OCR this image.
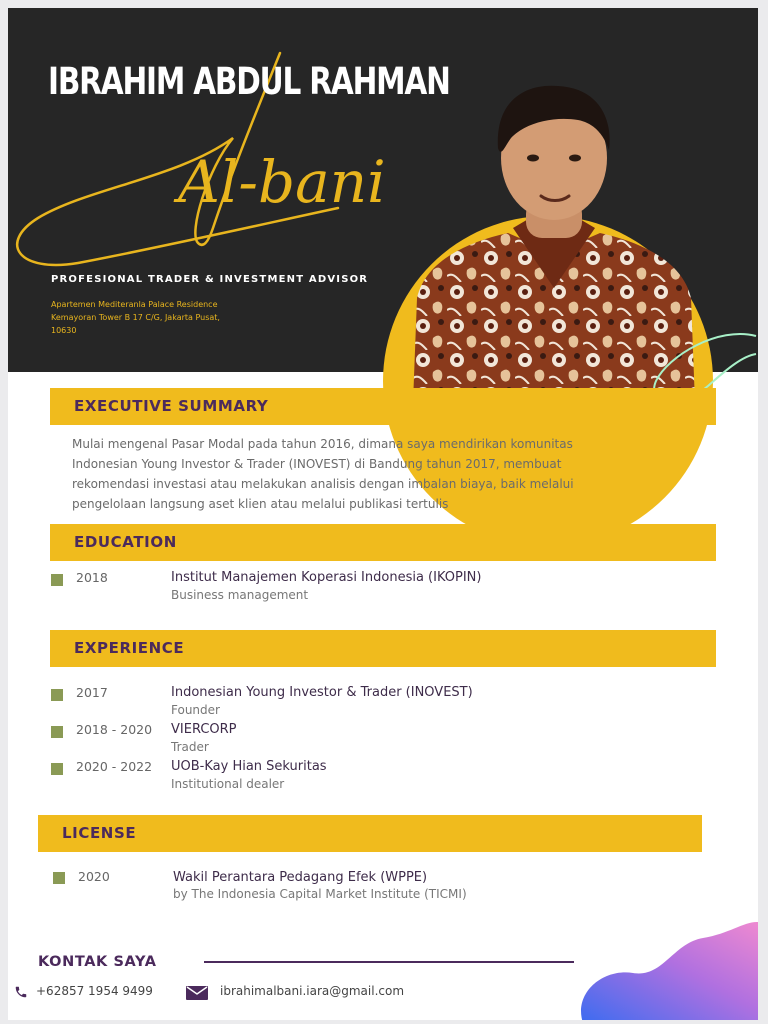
IBRAHIM ABDUL RAHMAN
Al-bani
PROFESIONAL TRADER & INVESTMENT ADVISOR
Apartemen Mediteranla Palace Residence
Kemayoran Tower B 17 C/G, Jakarta Pusat,
10630
EXECUTIVE SUMMARY
Mulai mengenal Pasar Modal pada tahun 2016, dimana saya mendirikan komunitas
Indonesian Young Investor & Trader (INOVEST) di Bandung tahun 2017, membuat
rekomendasi investasi atau melakukan analisis dengan imbalan biaya, baik melalui
pengelolaan langsung aset klien atau melalui publikasi tertulis
EDUCATION
2018	Institut Manajemen Koperasi Indonesia (IKOPIN)
Business management
EXPERIENCE
2017	Indonesian Young Investor & Trader (INOVEST)
Founder
2018 - 2020 VIERCORP
Trader
2020 - 2022 UOB-Kay Hian Sekuritas
Institutional dealer
LICENSE
2020	Wakil Perantara Pedagang Efek (WPPE)
by The Indonesia Capital Market Institute (TICMI)
KONTAK SAYA
+62857 1954 9499	ibrahimalbani.iara@gmail.com
